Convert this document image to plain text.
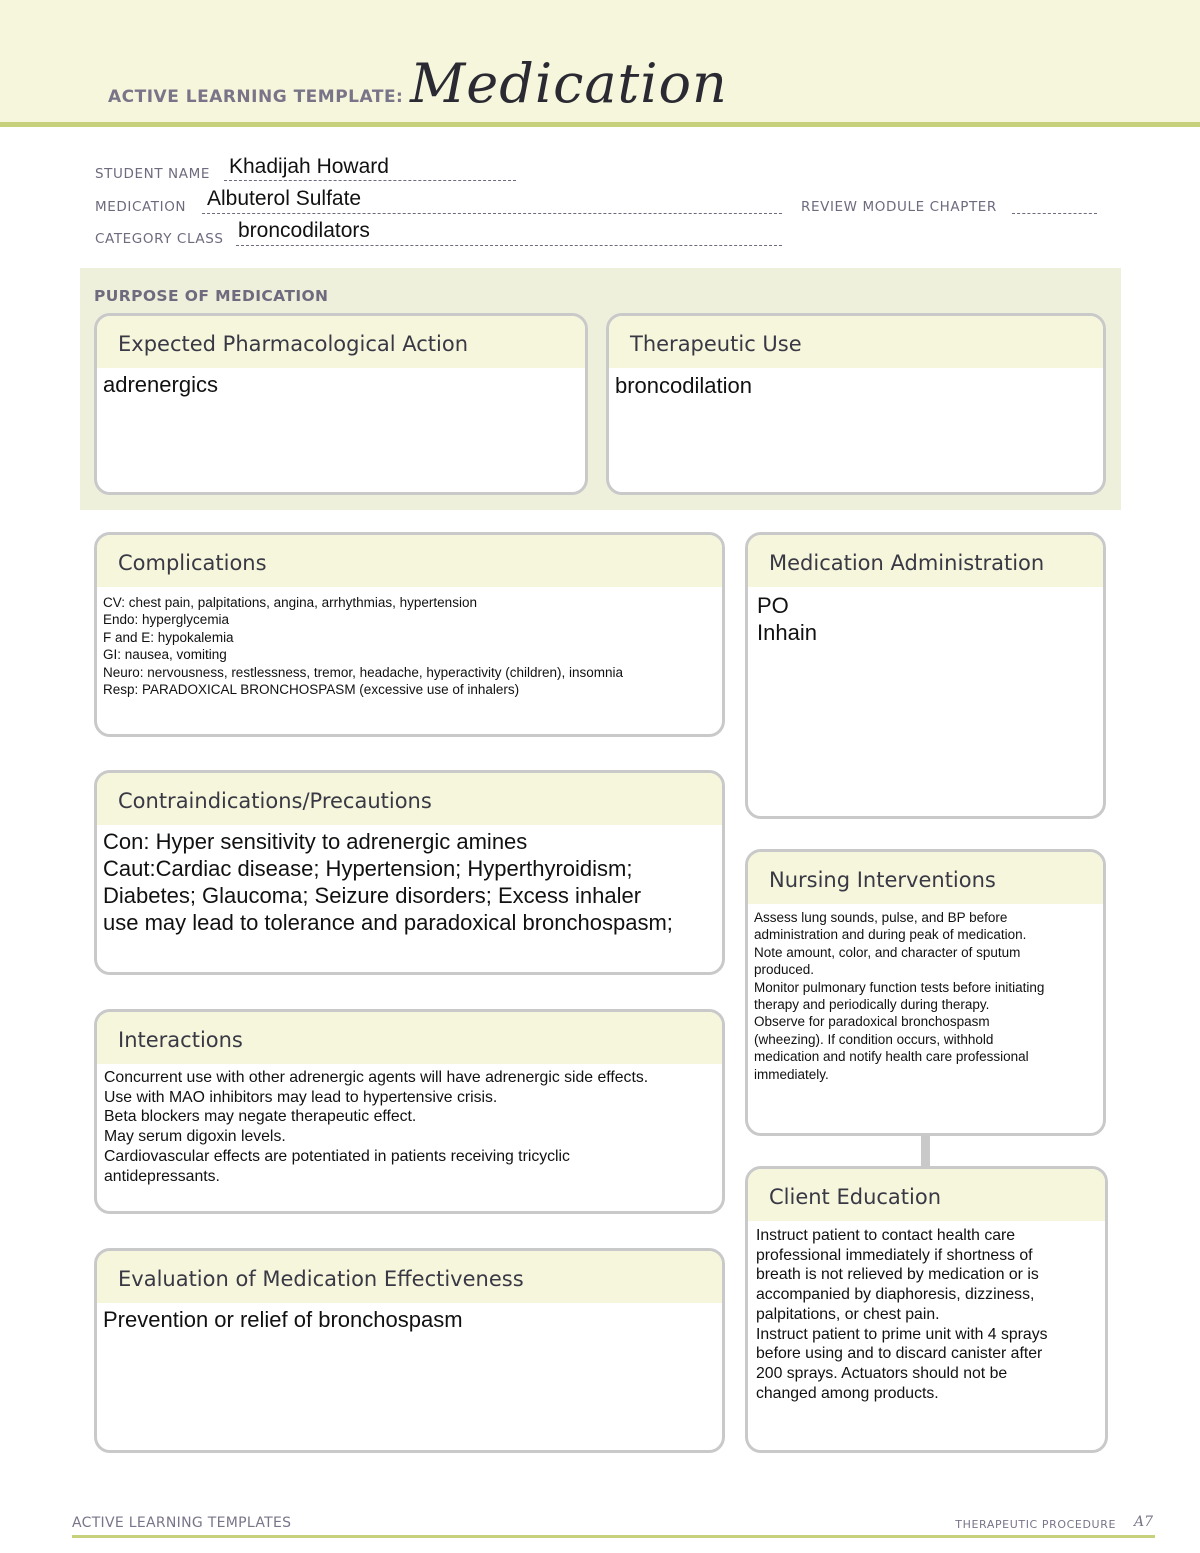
ACTIVE LEARNING TEMPLATE: Medication
STUDENT NAME Khadijah Howard
MEDICATION Albuterol Sulfate	REVIEW MODULE CHAPTER
CATEGORY CLASS broncodilators
PURPOSE OF MEDICATION
Expected Pharmacological Action
adrenergics
Therapeutic Use
broncodilation
Complications
CV: chest pain, palpitations, angina, arrhythmias, hypertension
Endo: hyperglycemia
F and E: hypokalemia
GI: nausea, vomiting
Neuro: nervousness, restlessness, tremor, headache, hyperactivity (children), insomnia
Resp: PARADOXICAL BRONCHOSPASM (excessive use of inhalers)
Medication Administration
PO
Inhain
Contraindications/Precautions
Con: Hyper sensitivity to adrenergic amines
Caut:Cardiac disease; Hypertension; Hyperthyroidism;
Diabetes; Glaucoma; Seizure disorders; Excess inhaler
use may lead to tolerance and paradoxical bronchospasm;
Nursing Interventions
Assess lung sounds, pulse, and BP before
administration and during peak of medication.
Note amount, color, and character of sputum
produced.
Monitor pulmonary function tests before initiating
therapy and periodically during therapy.
Observe for paradoxical bronchospasm
(wheezing). If condition occurs, withhold
medication and notify health care professional
immediately.
Interactions
Concurrent use with other adrenergic agents will have adrenergic side effects.
Use with MAO inhibitors may lead to hypertensive crisis.
Beta blockers may negate therapeutic effect.
May serum digoxin levels.
Cardiovascular effects are potentiated in patients receiving tricyclic
antidepressants.
Client Education
Instruct patient to contact health care
professional immediately if shortness of
breath is not relieved by medication or is
accompanied by diaphoresis, dizziness,
palpitations, or chest pain.
Instruct patient to prime unit with 4 sprays
before using and to discard canister after
200 sprays. Actuators should not be
changed among products.
Evaluation of Medication Effectiveness
Prevention or relief of bronchospasm
ACTIVE LEARNING TEMPLATES	THERAPEUTIC PROCEDURE A7
